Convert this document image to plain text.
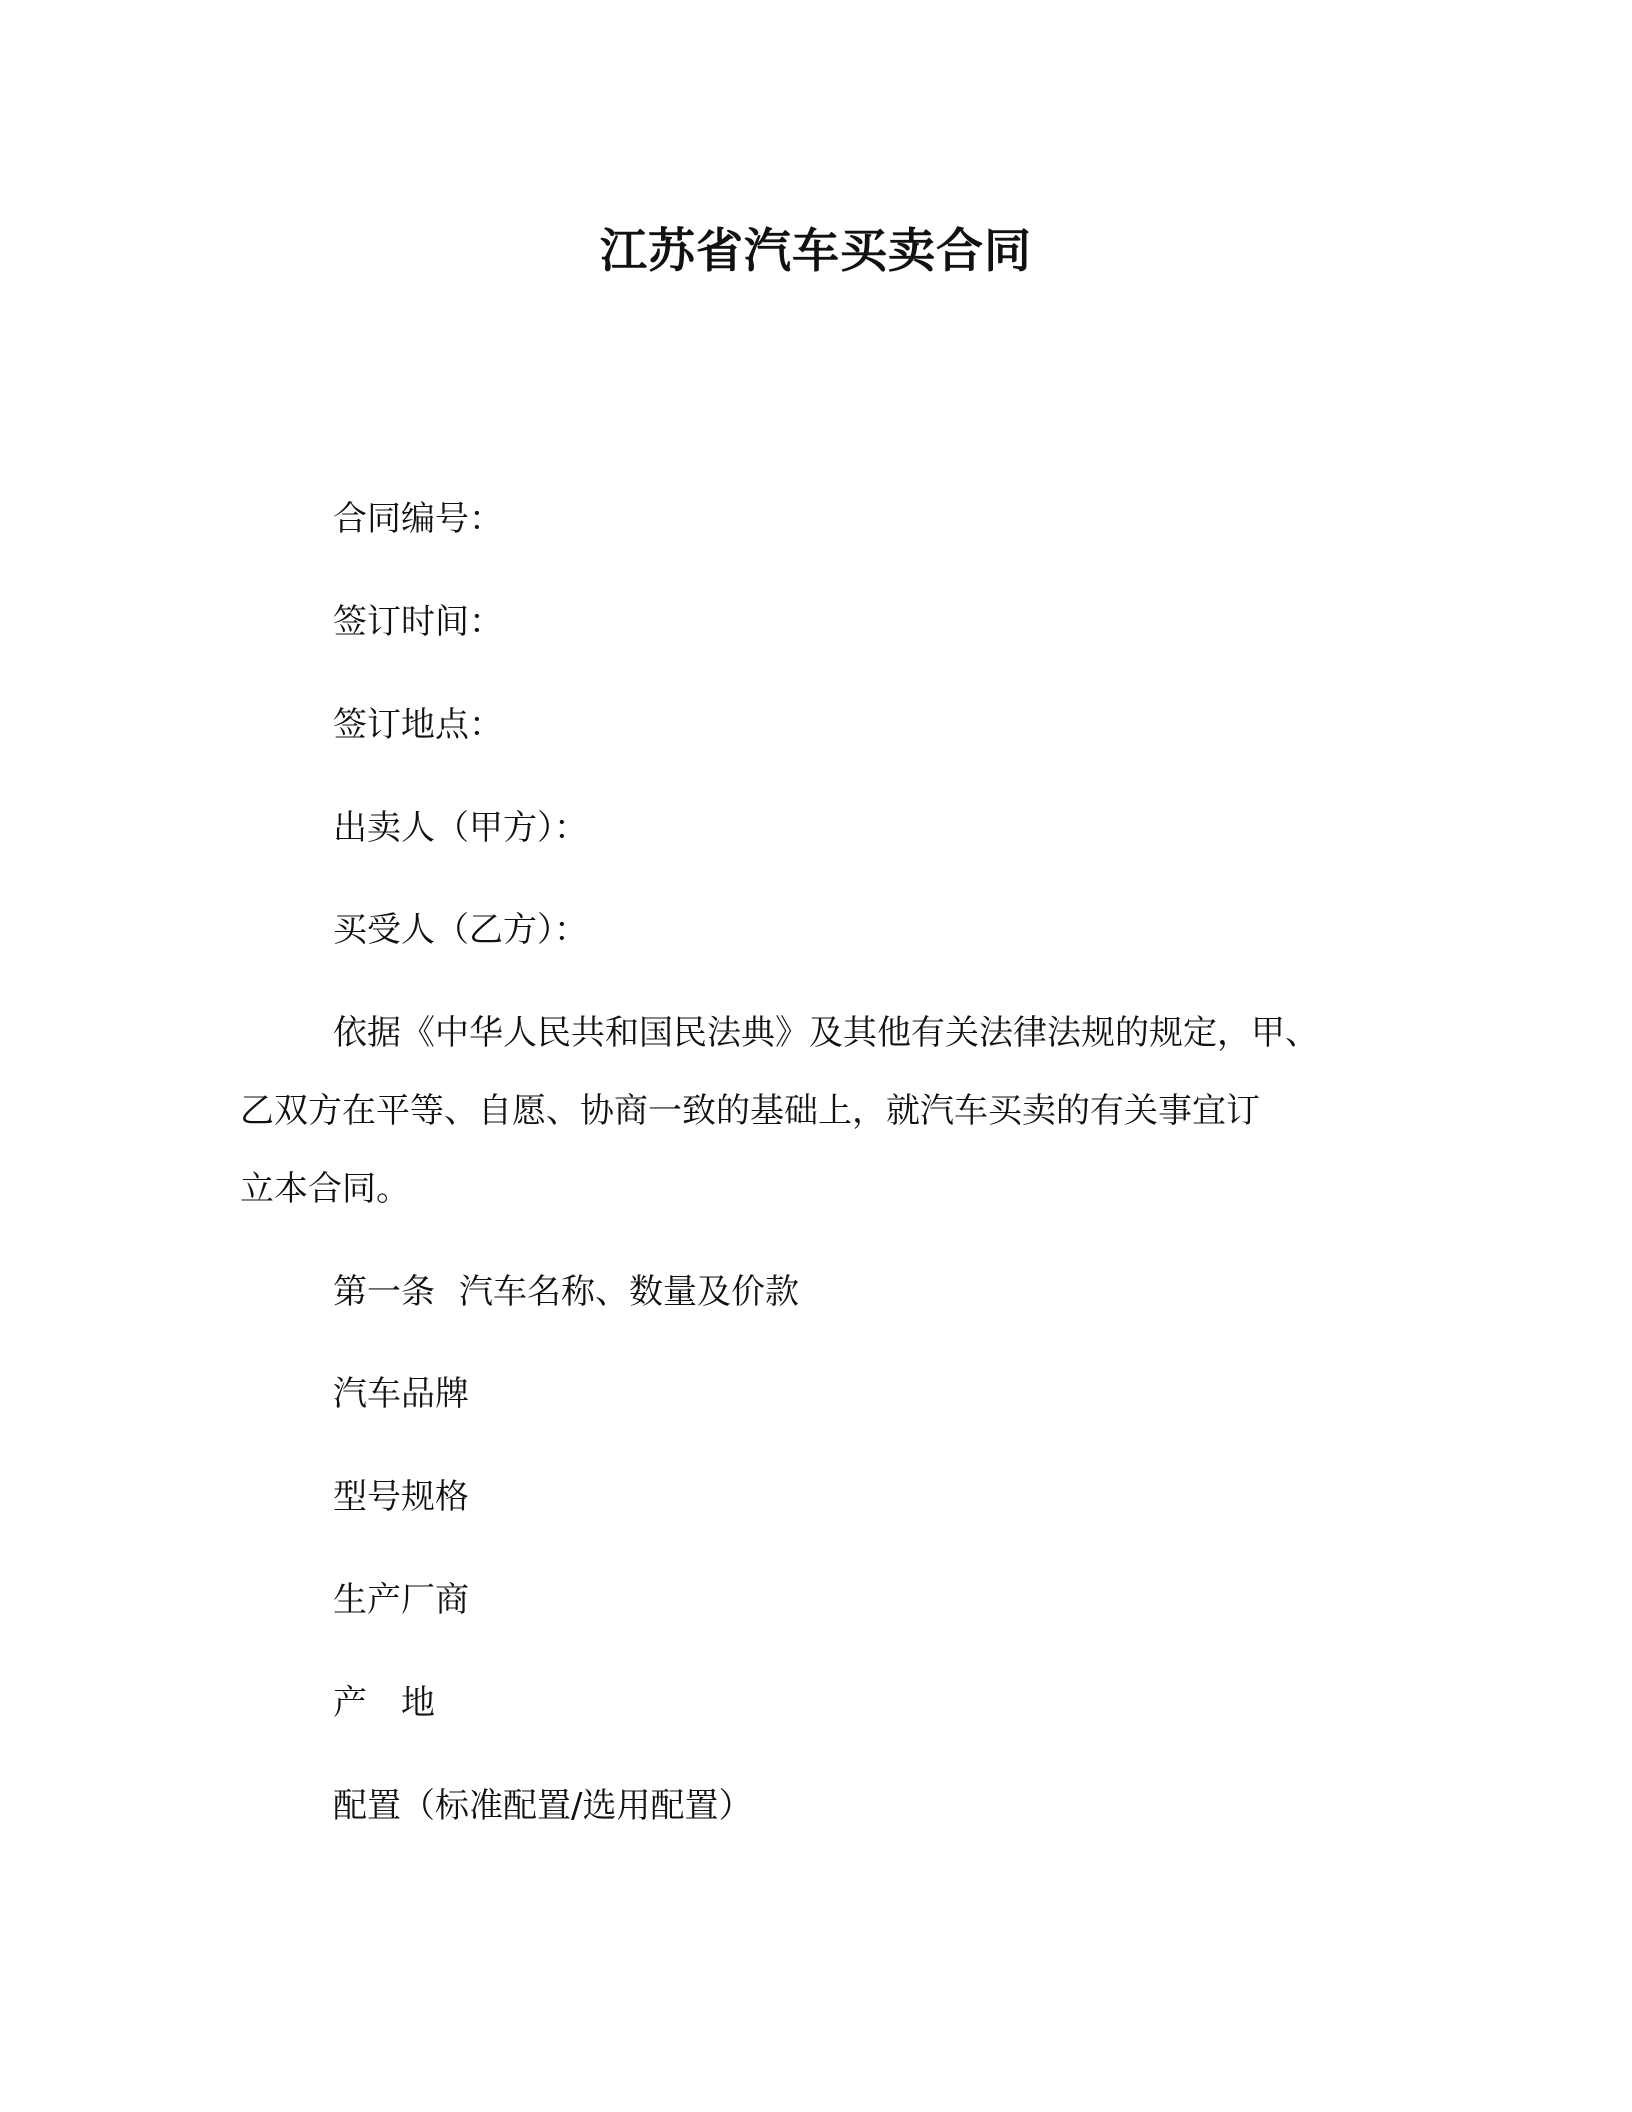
江苏省汽车买卖合同

合同编号：

签订时间：

签订地点：

出卖人（甲方）：

买受人（乙方）：

依据《中华人民共和国民法典》及其他有关法律法规的规定，甲、

乙双方在平等、自愿、协商一致的基础上，就汽车买卖的有关事宜订

立本合同。

第一条 汽车名称、数量及价款

汽车品牌

型号规格

生产厂商

产 地

配置（标准配置/选用配置）
